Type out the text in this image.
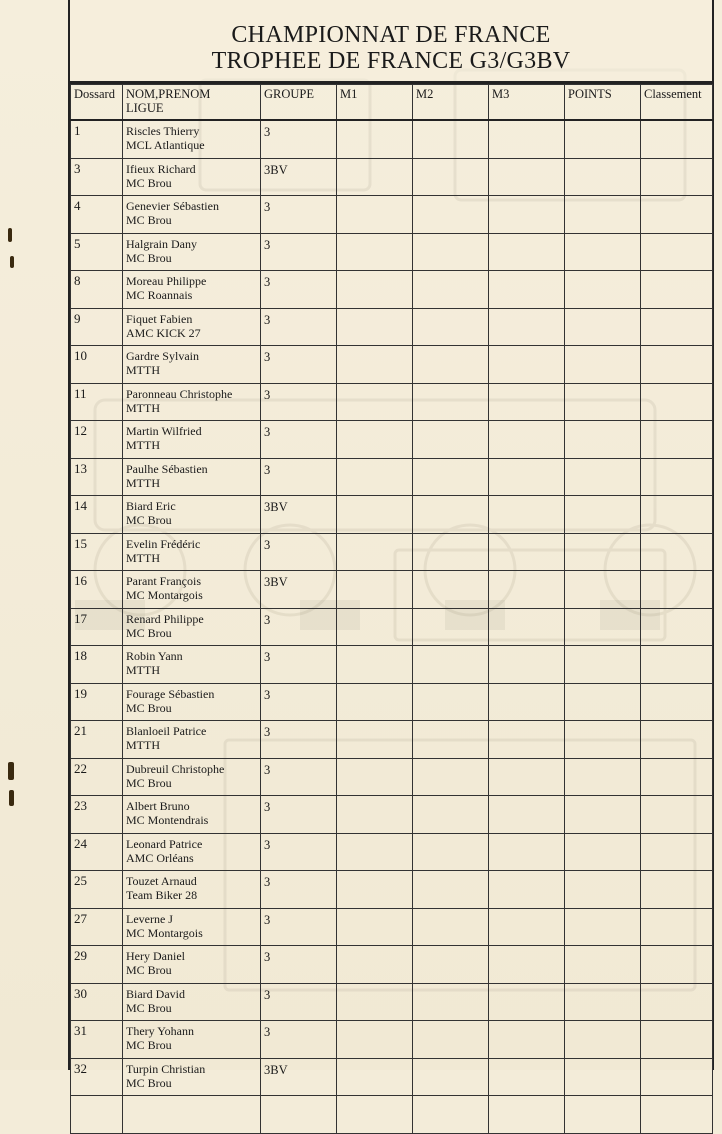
CHAMPIONNAT DE FRANCE
TROPHEE DE FRANCE G3/G3BV
Dossard	NOM,PRENOM
LIGUE	GROUPE	M1	M2	M3	POINTS	Classement
1	Riscles Thierry
MCL Atlantique	3					
3	Ifieux Richard
MC Brou	3BV					
4	Genevier Sébastien
MC Brou	3					
5	Halgrain Dany
MC Brou	3					
8	Moreau Philippe
MC Roannais	3					
9	Fiquet Fabien
AMC KICK 27	3					
10	Gardre Sylvain
MTTH	3					
11	Paronneau Christophe
MTTH	3					
12	Martin Wilfried
MTTH	3					
13	Paulhe Sébastien
MTTH	3					
14	Biard Eric
MC Brou	3BV					
15	Evelin Frédéric
MTTH	3					
16	Parant François
MC Montargois	3BV					
17	Renard Philippe
MC Brou	3					
18	Robin Yann
MTTH	3					
19	Fourage Sébastien
MC Brou	3					
21	Blanloeil Patrice
MTTH	3					
22	Dubreuil Christophe
MC Brou	3					
23	Albert Bruno
MC Montendrais	3					
24	Leonard Patrice
AMC Orléans	3					
25	Touzet Arnaud
Team Biker 28	3					
27	Leverne J
MC Montargois	3					
29	Hery Daniel
MC Brou	3					
30	Biard David
MC Brou	3					
31	Thery Yohann
MC Brou	3					
32	Turpin Christian
MC Brou	3BV					
